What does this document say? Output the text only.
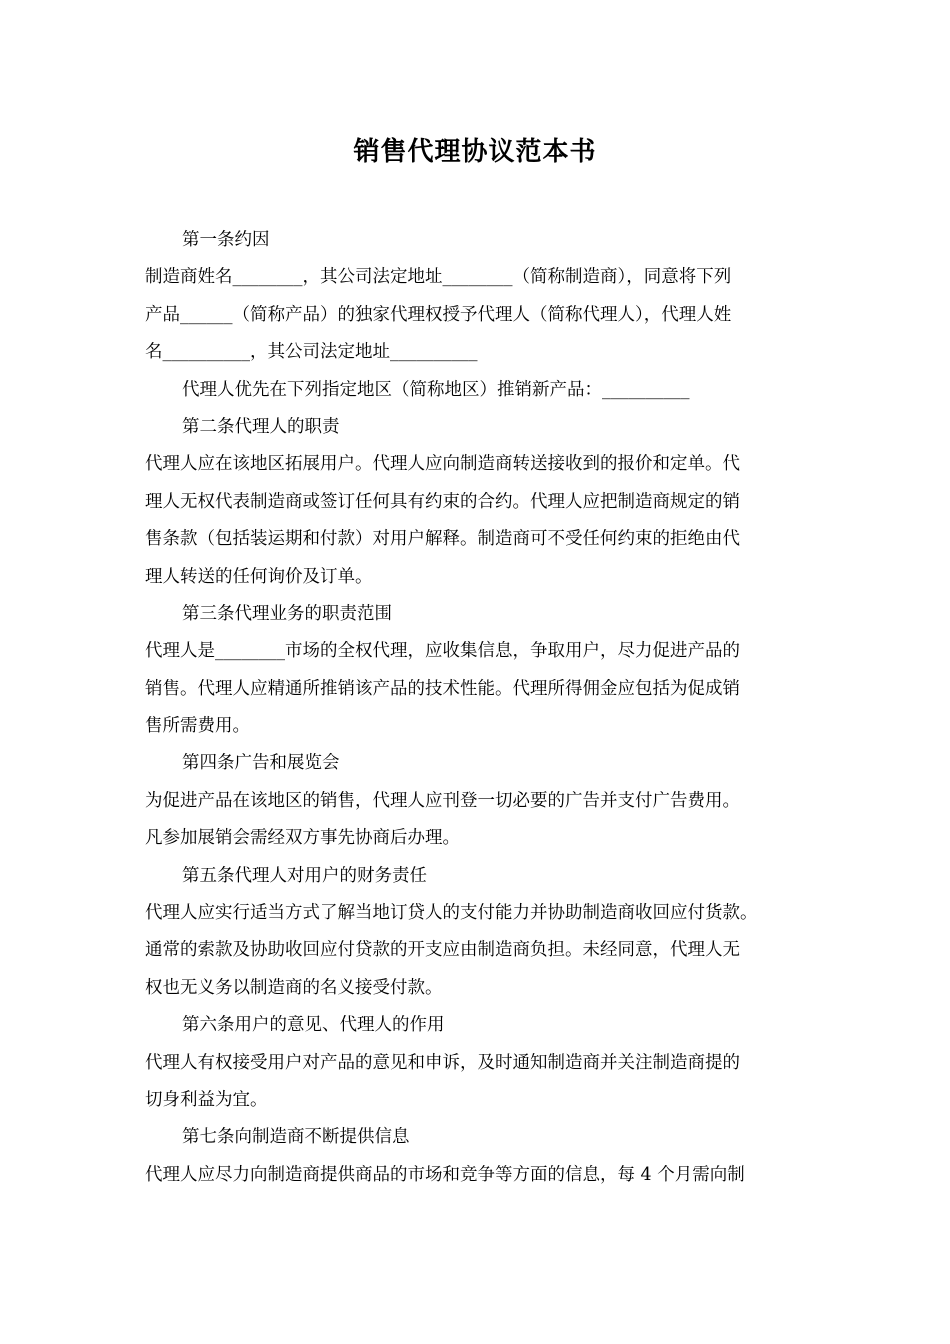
销售代理协议范本书
第一条约因
制造商姓名________，其公司法定地址________（简称制造商），同意将下列
产品______（简称产品）的独家代理权授予代理人（简称代理人），代理人姓
名__________，其公司法定地址__________
代理人优先在下列指定地区（简称地区）推销新产品：__________
第二条代理人的职责
代理人应在该地区拓展用户。代理人应向制造商转送接收到的报价和定单。代
理人无权代表制造商或签订任何具有约束的合约。代理人应把制造商规定的销
售条款（包括装运期和付款）对用户解释。制造商可不受任何约束的拒绝由代
理人转送的任何询价及订单。
第三条代理业务的职责范围
代理人是________市场的全权代理，应收集信息，争取用户，尽力促进产品的
销售。代理人应精通所推销该产品的技术性能。代理所得佣金应包括为促成销
售所需费用。
第四条广告和展览会
为促进产品在该地区的销售，代理人应刊登一切必要的广告并支付广告费用。
凡参加展销会需经双方事先协商后办理。
第五条代理人对用户的财务责任
代理人应实行适当方式了解当地订贷人的支付能力并协助制造商收回应付货款。
通常的索款及协助收回应付贷款的开支应由制造商负担。未经同意，代理人无
权也无义务以制造商的名义接受付款。
第六条用户的意见、代理人的作用
代理人有权接受用户对产品的意见和申诉，及时通知制造商并关注制造商提的
切身利益为宜。
第七条向制造商不断提供信息
代理人应尽力向制造商提供商品的市场和竞争等方面的信息，每 4 个月需向制
